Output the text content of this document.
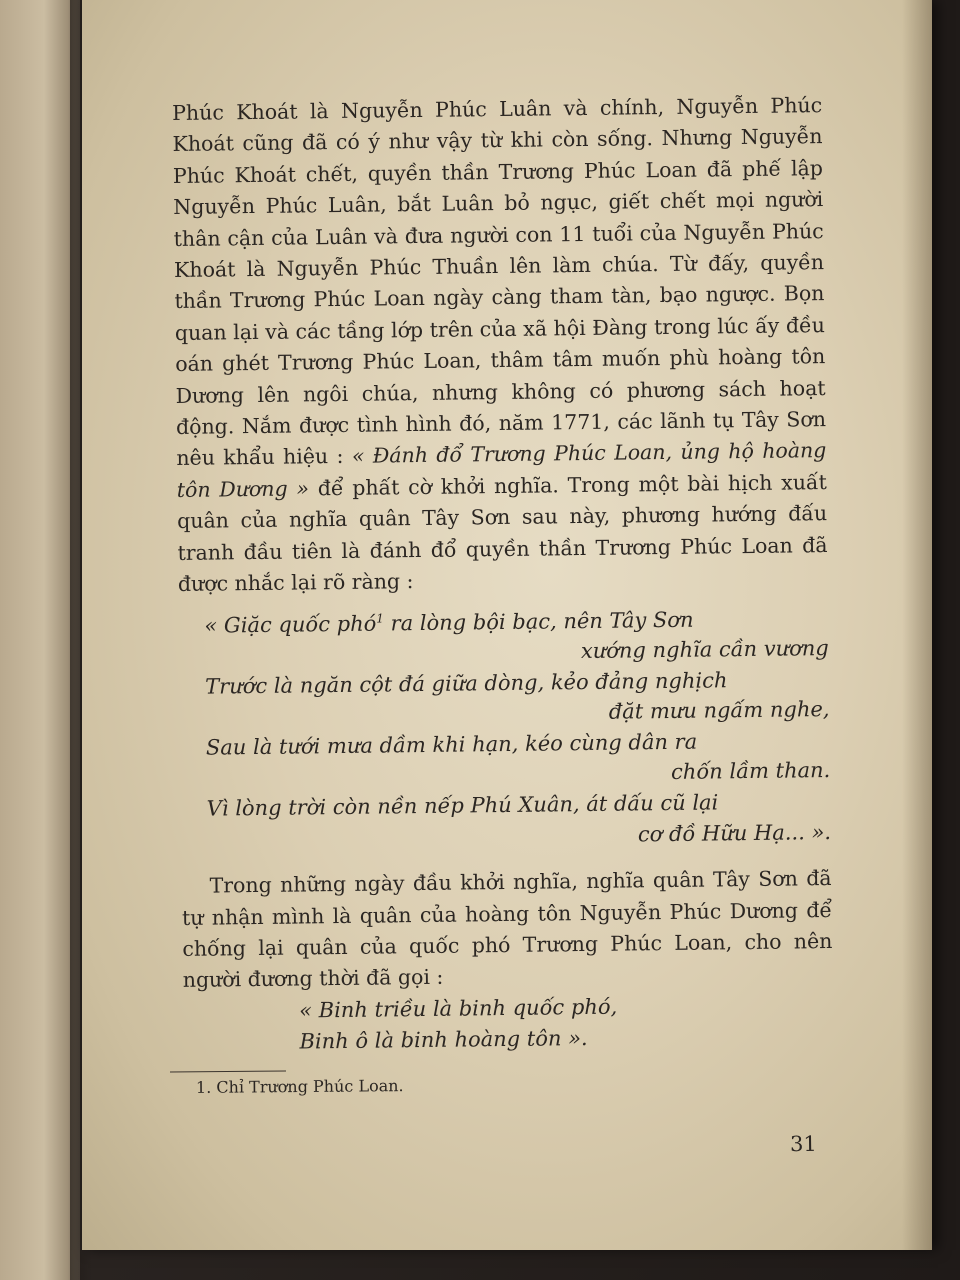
Phúc Khoát là Nguyễn Phúc Luân và chính, Nguyễn Phúc Khoát cũng đã có ý như vậy từ khi còn sống. Nhưng Nguyễn Phúc Khoát chết, quyền thần Trương Phúc Loan đã phế lập Nguyễn Phúc Luân, bắt Luân bỏ ngục, giết chết mọi người thân cận của Luân và đưa người con 11 tuổi của Nguyễn Phúc Khoát là Nguyễn Phúc Thuần lên làm chúa. Từ đấy, quyền thần Trương Phúc Loan ngày càng tham tàn, bạo ngược. Bọn quan lại và các tầng lớp trên của xã hội Đàng trong lúc ấy đều oán ghét Trương Phúc Loan, thâm tâm muốn phù hoàng tôn Dương lên ngôi chúa, nhưng không có phương sách hoạt động. Nắm được tình hình đó, năm 1771, các lãnh tụ Tây Sơn nêu khẩu hiệu : « Đánh đổ Trương Phúc Loan, ủng hộ hoàng tôn Dương » để phất cờ khởi nghĩa. Trong một bài hịch xuất quân của nghĩa quân Tây Sơn sau này, phương hướng đấu tranh đầu tiên là đánh đổ quyền thần Trương Phúc Loan đã được nhắc lại rõ ràng :

« Giặc quốc phó$^1$ ra lòng bội bạc, nên Tây Sơn
xướng nghĩa cần vương
Trước là ngăn cột đá giữa dòng, kẻo đảng nghịch
đặt mưu ngấm nghe,
Sau là tưới mưa dầm khi hạn, kéo cùng dân ra
chốn lầm than.
Vì lòng trời còn nền nếp Phú Xuân, át dấu cũ lại
cơ đồ Hữu Hạ... ».

Trong những ngày đầu khởi nghĩa, nghĩa quân Tây Sơn đã tự nhận mình là quân của hoàng tôn Nguyễn Phúc Dương để chống lại quân của quốc phó Trương Phúc Loan, cho nên người đương thời đã gọi :

« Binh triều là binh quốc phó,
Binh ô là binh hoàng tôn ».
1. Chỉ Trương Phúc Loan.
31
